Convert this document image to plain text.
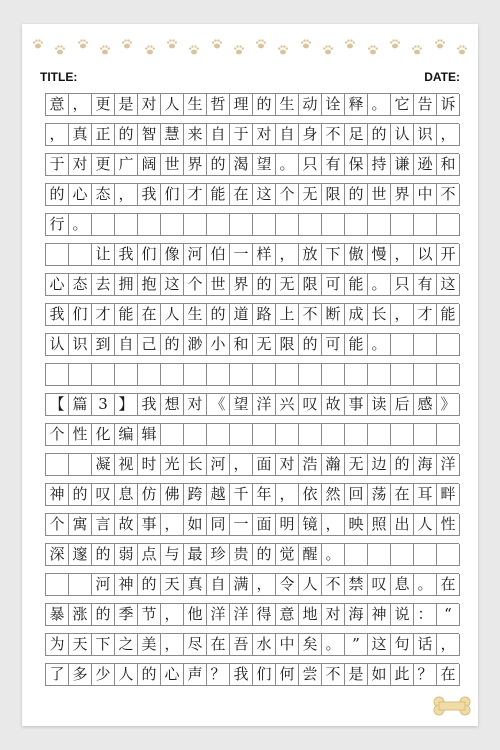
TITLE:	DATE:
意 ， 更 是 对 人 生 哲 理 的 生 动 诠 释 。 它 告 诉
， 真 正 的 智 慧 来 自 于 对 自 身 不 足 的 认 识 ，
于 对 更 广 阔 世 界 的 渴 望 。 只 有 保 持 谦 逊 和
的 心 态 ， 我 们 才 能 在 这 个 无 限 的 世 界 中 不
行 。
让 我 们 像 河 伯 一 样 ， 放 下 傲 慢 ， 以 开
心 态 去 拥 抱 这 个 世 界 的 无 限 可 能 。 只 有 这
我 们 才 能 在 人 生 的 道 路 上 不 断 成 长 ， 才 能
认 识 到 自 己 的 渺 小 和 无 限 的 可 能 。
【 篇 3 】 我 想 对 《 望 洋 兴 叹 故 事 读 后 感 》
个 性 化 编 辑
凝 视 时 光 长 河 ， 面 对 浩 瀚 无 边 的 海 洋
神 的 叹 息 仿 佛 跨 越 千 年 ， 依 然 回 荡 在 耳 畔
个 寓 言 故 事 ， 如 同 一 面 明 镜 ， 映 照 出 人 性
深 邃 的 弱 点 与 最 珍 贵 的 觉 醒 。
河 神 的 天 真 自 满 ， 令 人 不 禁 叹 息 。 在
暴 涨 的 季 节 ， 他 洋 洋 得 意 地 对 海 神 说 ： “
为 天 下 之 美 ， 尽 在 吾 水 中 矣 。 ” 这 句 话 ，
了 多 少 人 的 心 声 ？ 我 们 何 尝 不 是 如 此 ？ 在
